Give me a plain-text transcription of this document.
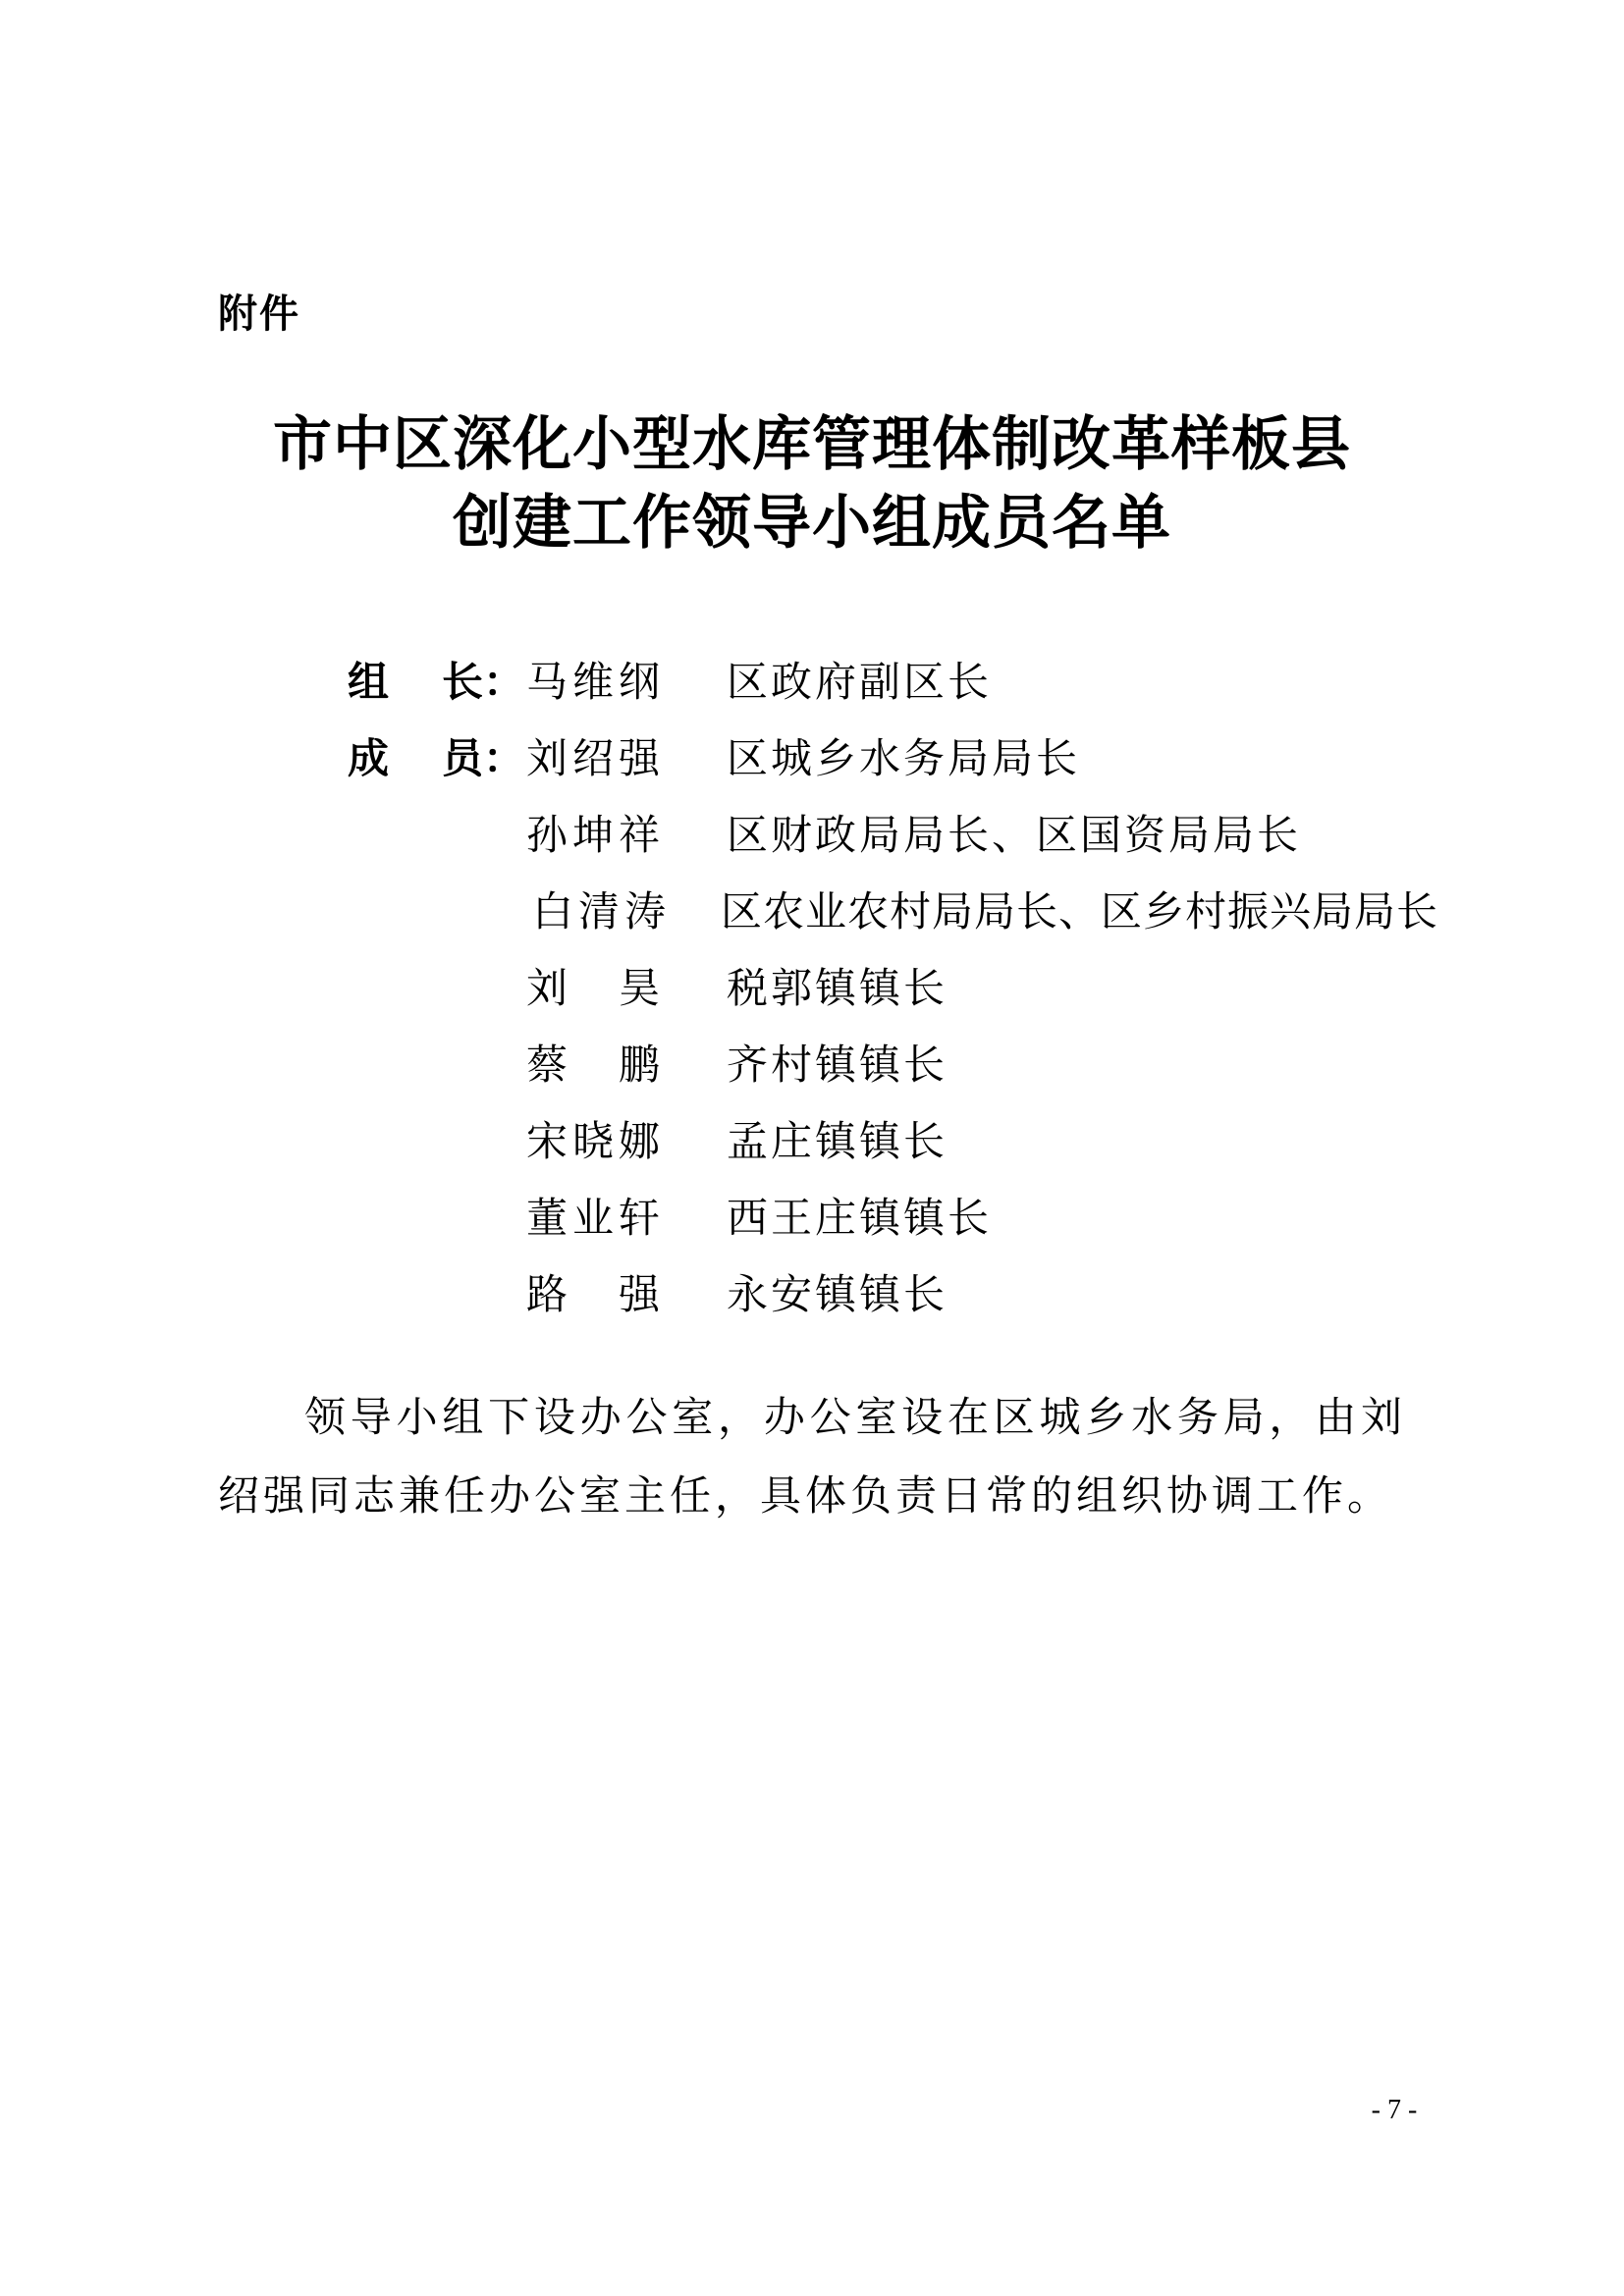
附件
市中区深化小型水库管理体制改革样板县
创建工作领导小组成员名单
组 长 ： 马 维 纲 区政府副区长
成 员 ： 刘 绍 强 区城乡水务局局长
孙 坤 祥 区财政局局长、区国资局局长
白 清 涛 区农业农村局局长、区乡村振兴局局长
刘 昊 税郭镇镇长
蔡 鹏 齐村镇镇长
宋 晓 娜 孟庄镇镇长
董 业 轩 西王庄镇镇长
路 强 永安镇镇长

领导小组下设办公室，办公室设在区城乡水务局，由刘绍强同志兼任办公室主任，具体负责日常的组织协调工作。

- 7 -
